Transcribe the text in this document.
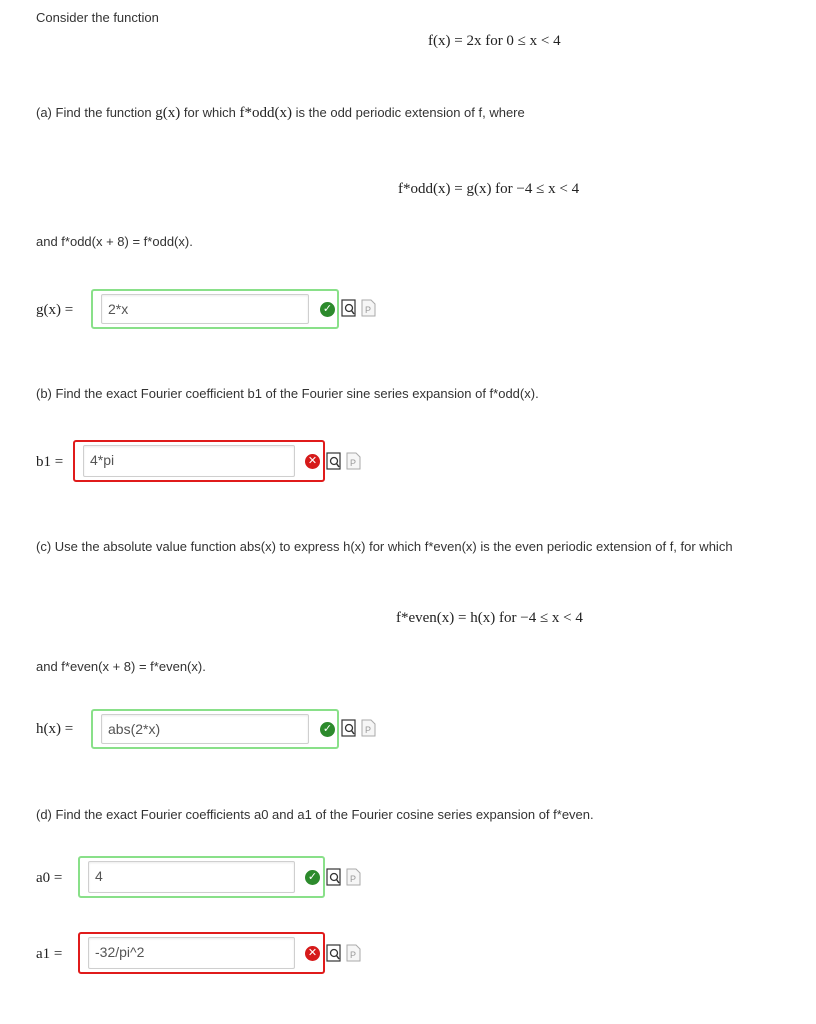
Consider the function
f(x) = 2x for 0 ≤ x < 4
(a) Find the function g(x) for which f*odd(x) is the odd periodic extension of f, where
f*odd(x) = g(x) for −4 ≤ x < 4
and f*odd(x + 8) = f*odd(x).
g(x) =	2*x	✓	P
(b) Find the exact Fourier coefficient b1 of the Fourier sine series expansion of f*odd(x).
b1 =	4*pi	✕	P
(c) Use the absolute value function abs(x) to express h(x) for which f*even(x) is the even periodic extension of f, for which
f*even(x) = h(x) for −4 ≤ x < 4
and f*even(x + 8) = f*even(x).
h(x) =	abs(2*x)	✓	P
(d) Find the exact Fourier coefficients a0 and a1 of the Fourier cosine series expansion of f*even.
a0 =	4	✓	P
a1 =	-32/pi^2	✕	P
